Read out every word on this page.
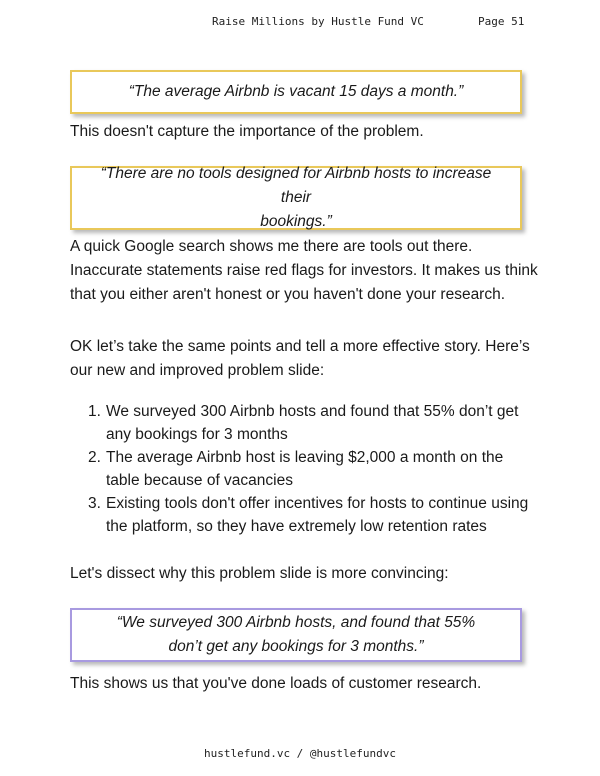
Raise Millions by Hustle Fund VC	Page 51
“The average Airbnb is vacant 15 days a month.”
This doesn't capture the importance of the problem.
“There are no tools designed for Airbnb hosts to increase their
bookings.”
A quick Google search shows me there are tools out there.
Inaccurate statements raise red flags for investors. It makes us think
that you either aren't honest or you haven't done your research.
OK let’s take the same points and tell a more effective story. Here’s
our new and improved problem slide:
1. We surveyed 300 Airbnb hosts and found that 55% don’t get
any bookings for 3 months
2. The average Airbnb host is leaving $2,000 a month on the
table because of vacancies
3. Existing tools don't offer incentives for hosts to continue using
the platform, so they have extremely low retention rates
Let's dissect why this problem slide is more convincing:
“We surveyed 300 Airbnb hosts, and found that 55%
don’t get any bookings for 3 months.”
This shows us that you've done loads of customer research.
hustlefund.vc / @hustlefundvc
